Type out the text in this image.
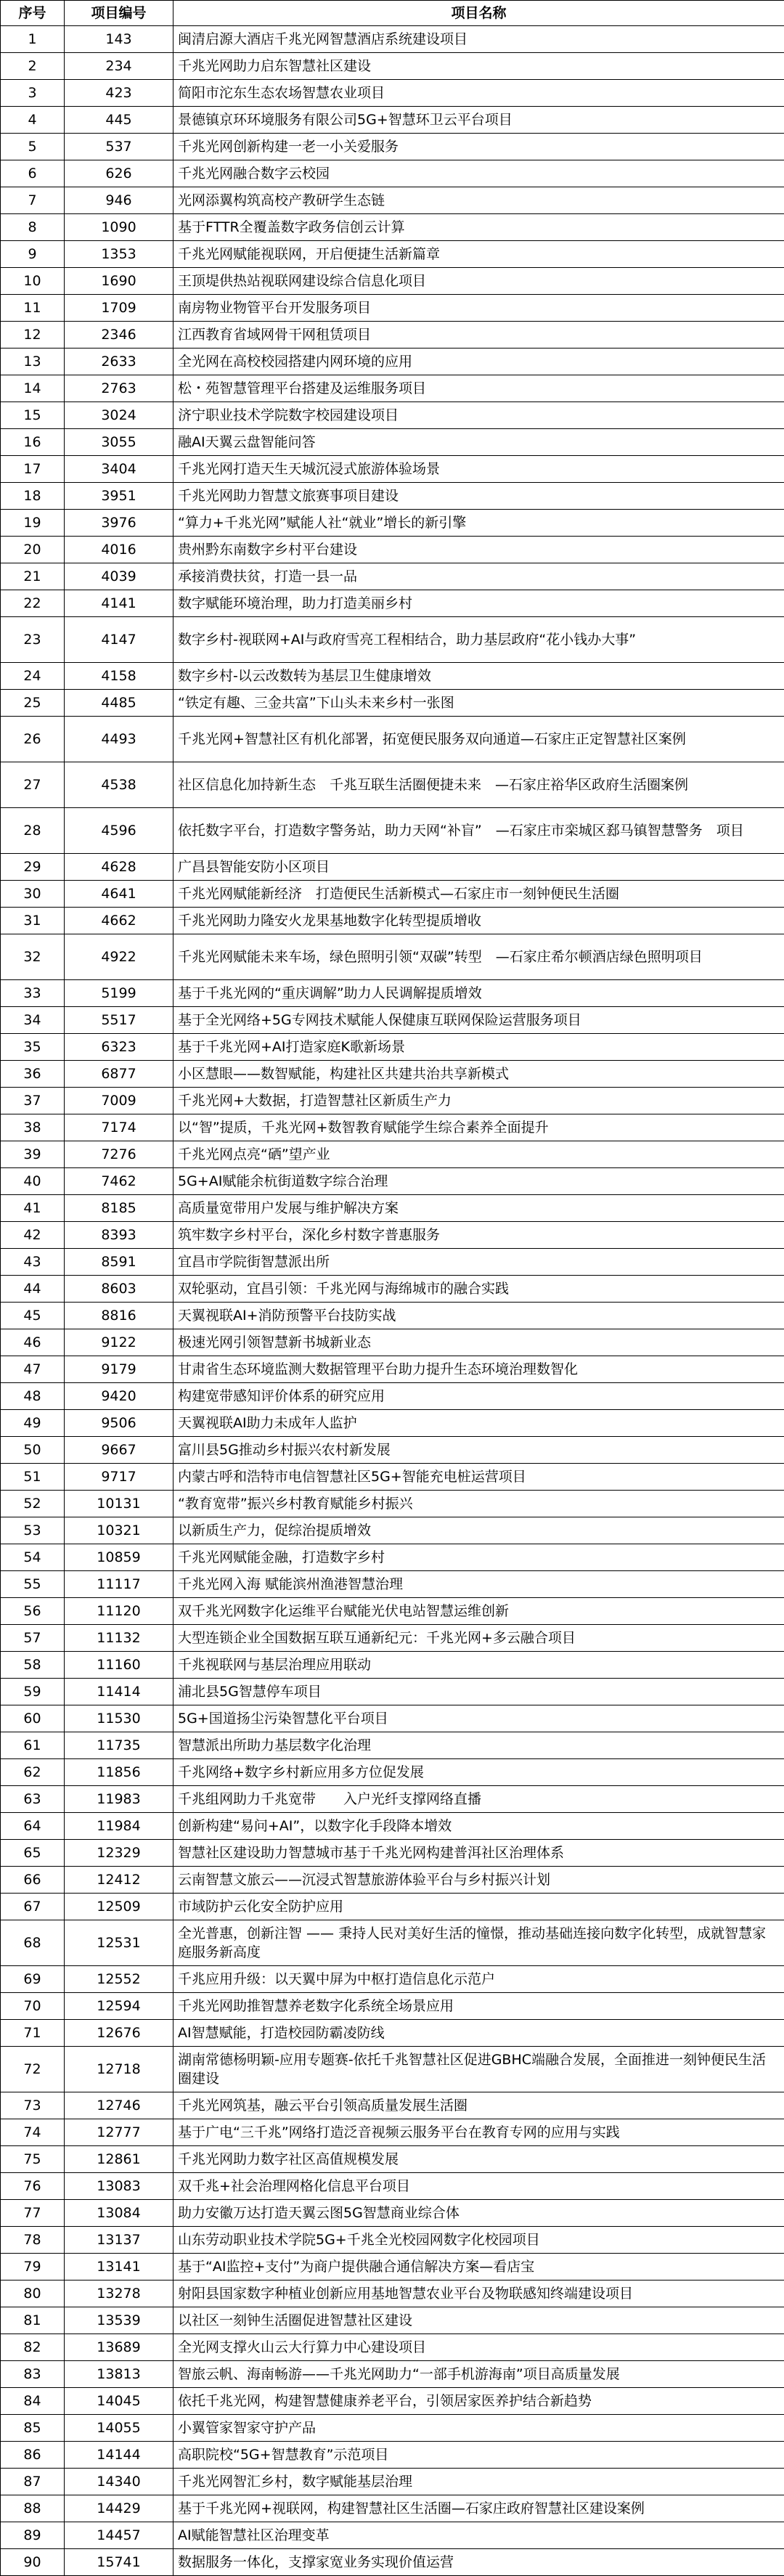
序号	项目编号	项目名称
1	143	闽清启源大酒店千兆光网智慧酒店系统建设项目
2	234	千兆光网助力启东智慧社区建设
3	423	简阳市沱东生态农场智慧农业项目
4	445	景德镇京环环境服务有限公司5G+智慧环卫云平台项目
5	537	千兆光网创新构建一老一小关爱服务
6	626	千兆光网融合数字云校园
7	946	光网添翼构筑高校产教研学生态链
8	1090	基于FTTR全覆盖数字政务信创云计算
9	1353	千兆光网赋能视联网，开启便捷生活新篇章
10	1690	王顶堤供热站视联网建设综合信息化项目
11	1709	南房物业物管平台开发服务项目
12	2346	江西教育省域网骨干网租赁项目
13	2633	全光网在高校校园搭建内网环境的应用
14	2763	松・苑智慧管理平台搭建及运维服务项目
15	3024	济宁职业技术学院数字校园建设项目
16	3055	融AI天翼云盘智能问答
17	3404	千兆光网打造天生天城沉浸式旅游体验场景
18	3951	千兆光网助力智慧文旅赛事项目建设
19	3976	“算力+千兆光网”赋能人社“就业”增长的新引擎
20	4016	贵州黔东南数字乡村平台建设
21	4039	承接消费扶贫，打造一县一品
22	4141	数字赋能环境治理，助力打造美丽乡村
23	4147	数字乡村-视联网+AI与政府雪亮工程相结合，助力基层政府“花小钱办大事”
24	4158	数字乡村-以云改数转为基层卫生健康增效
25	4485	“铁定有趣、三金共富”下山头未来乡村一张图
26	4493	千兆光网+智慧社区有机化部署，拓宽便民服务双向通道—石家庄正定智慧社区案例
27	4538	社区信息化加持新生态　千兆互联生活圈便捷未来　—石家庄裕华区政府生活圈案例
28	4596	依托数字平台，打造数字警务站，助力天网“补盲”　—石家庄市栾城区郄马镇智慧警务　项目
29	4628	广昌县智能安防小区项目
30	4641	千兆光网赋能新经济　打造便民生活新模式—石家庄市一刻钟便民生活圈
31	4662	千兆光网助力隆安火龙果基地数字化转型提质增收
32	4922	千兆光网赋能未来车场，绿色照明引领“双碳”转型　—石家庄希尔顿酒店绿色照明项目
33	5199	基于千兆光网的“重庆调解”助力人民调解提质增效
34	5517	基于全光网络+5G专网技术赋能人保健康互联网保险运营服务项目
35	6323	基于千兆光网+AI打造家庭K歌新场景
36	6877	小区慧眼——数智赋能，构建社区共建共治共享新模式
37	7009	千兆光网+大数据，打造智慧社区新质生产力
38	7174	以“智”提质，千兆光网+数智教育赋能学生综合素养全面提升
39	7276	千兆光网点亮“硒”望产业
40	7462	5G+AI赋能余杭街道数字综合治理
41	8185	高质量宽带用户发展与维护解决方案
42	8393	筑牢数字乡村平台，深化乡村数字普惠服务
43	8591	宜昌市学院街智慧派出所
44	8603	双轮驱动，宜昌引领：千兆光网与海绵城市的融合实践
45	8816	天翼视联AI+消防预警平台技防实战
46	9122	极速光网引领智慧新书城新业态
47	9179	甘肃省生态环境监测大数据管理平台助力提升生态环境治理数智化
48	9420	构建宽带感知评价体系的研究应用
49	9506	天翼视联AI助力未成年人监护
50	9667	富川县5G推动乡村振兴农村新发展
51	9717	内蒙古呼和浩特市电信智慧社区5G+智能充电桩运营项目
52	10131	“教育宽带”振兴乡村教育赋能乡村振兴
53	10321	以新质生产力，促综治提质增效
54	10859	千兆光网赋能金融，打造数字乡村
55	11117	千兆光网入海 赋能滨州渔港智慧治理
56	11120	双千兆光网数字化运维平台赋能光伏电站智慧运维创新
57	11132	大型连锁企业全国数据互联互通新纪元：千兆光网+多云融合项目
58	11160	千兆视联网与基层治理应用联动
59	11414	浦北县5G智慧停车项目
60	11530	5G+国道扬尘污染智慧化平台项目
61	11735	智慧派出所助力基层数字化治理
62	11856	千兆网络+数字乡村新应用多方位促发展
63	11983	千兆组网助力千兆宽带　　入户光纤支撑网络直播
64	11984	创新构建“易问+AI”，以数字化手段降本增效
65	12329	智慧社区建设助力智慧城市基于千兆光网构建普洱社区治理体系
66	12412	云南智慧文旅云——沉浸式智慧旅游体验平台与乡村振兴计划
67	12509	市域防护云化安全防护应用
68	12531	全光普惠，创新注智 —— 秉持人民对美好生活的憧憬，推动基础连接向数字化转型，成就智慧家庭服务新高度
69	12552	千兆应用升级：以天翼中屏为中枢打造信息化示范户
70	12594	千兆光网助推智慧养老数字化系统全场景应用
71	12676	AI智慧赋能，打造校园防霸凌防线
72	12718	湖南常德杨明颖-应用专题赛-依托千兆智慧社区促进GBHC端融合发展，全面推进一刻钟便民生活圈建设
73	12746	千兆光网筑基，融云平台引领高质量发展生活圈
74	12777	基于广电“三千兆”网络打造泛音视频云服务平台在教育专网的应用与实践
75	12861	千兆光网助力数字社区高值规模发展
76	13083	双千兆+社会治理网格化信息平台项目
77	13084	助力安徽万达打造天翼云图5G智慧商业综合体
78	13137	山东劳动职业技术学院5G+千兆全光校园网数字化校园项目
79	13141	基于“AI监控+支付”为商户提供融合通信解决方案—看店宝
80	13278	射阳县国家数字种植业创新应用基地智慧农业平台及物联感知终端建设项目
81	13539	以社区一刻钟生活圈促进智慧社区建设
82	13689	全光网支撑火山云大行算力中心建设项目
83	13813	智旅云帆、海南畅游——千兆光网助力“一部手机游海南”项目高质量发展
84	14045	依托千兆光网，构建智慧健康养老平台，引领居家医养护结合新趋势
85	14055	小翼管家智家守护产品
86	14144	高职院校“5G+智慧教育”示范项目
87	14340	千兆光网智汇乡村，数字赋能基层治理
88	14429	基于千兆光网+视联网，构建智慧社区生活圈—石家庄政府智慧社区建设案例
89	14457	AI赋能智慧社区治理变革
90	15741	数据服务一体化，支撑家宽业务实现价值运营
